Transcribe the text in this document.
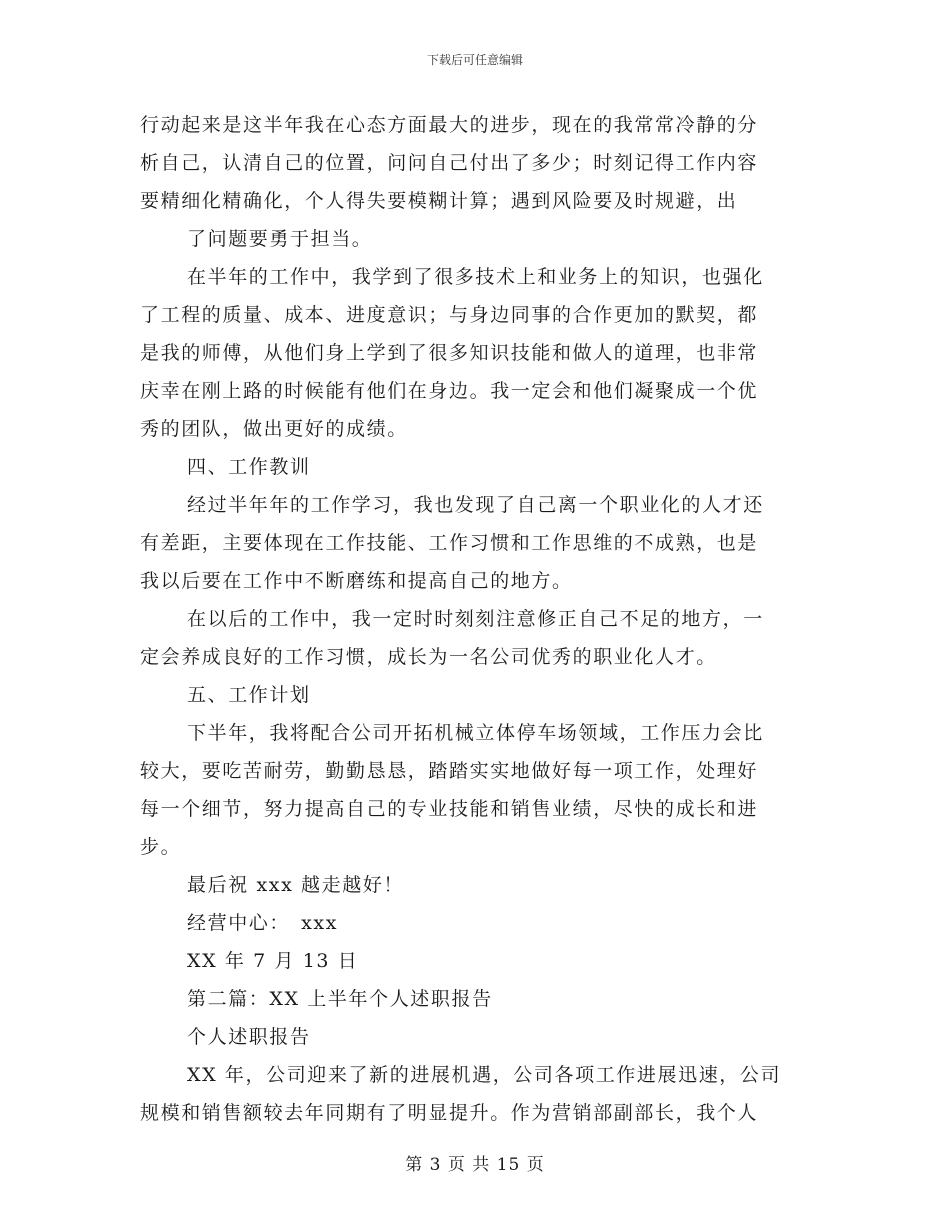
下载后可任意编辑
行动起来是这半年我在心态方面最大的进步，现在的我常常冷静的分
析自己，认清自己的位置，问问自己付出了多少；时刻记得工作内容
要精细化精确化，个人得失要模糊计算；遇到风险要及时规避，出
了问题要勇于担当。
在半年的工作中，我学到了很多技术上和业务上的知识，也强化
了工程的质量、成本、进度意识；与身边同事的合作更加的默契，都
是我的师傅，从他们身上学到了很多知识技能和做人的道理，也非常
庆幸在刚上路的时候能有他们在身边。我一定会和他们凝聚成一个优
秀的团队，做出更好的成绩。
四、工作教训
经过半年年的工作学习，我也发现了自己离一个职业化的人才还
有差距，主要体现在工作技能、工作习惯和工作思维的不成熟，也是
我以后要在工作中不断磨练和提高自己的地方。
在以后的工作中，我一定时时刻刻注意修正自己不足的地方，一
定会养成良好的工作习惯，成长为一名公司优秀的职业化人才。
五、工作计划
下半年，我将配合公司开拓机械立体停车场领域，工作压力会比
较大，要吃苦耐劳，勤勤恳恳，踏踏实实地做好每一项工作，处理好
每一个细节，努力提高自己的专业技能和销售业绩，尽快的成长和进
步。
最后祝 xxx 越走越好！
经营中心：　xxx
XX 年 7 月 13 日
第二篇：XX 上半年个人述职报告
个人述职报告
XX 年，公司迎来了新的进展机遇，公司各项工作进展迅速，公司
规模和销售额较去年同期有了明显提升。作为营销部副部长，我个人
第 3 页 共 15 页
